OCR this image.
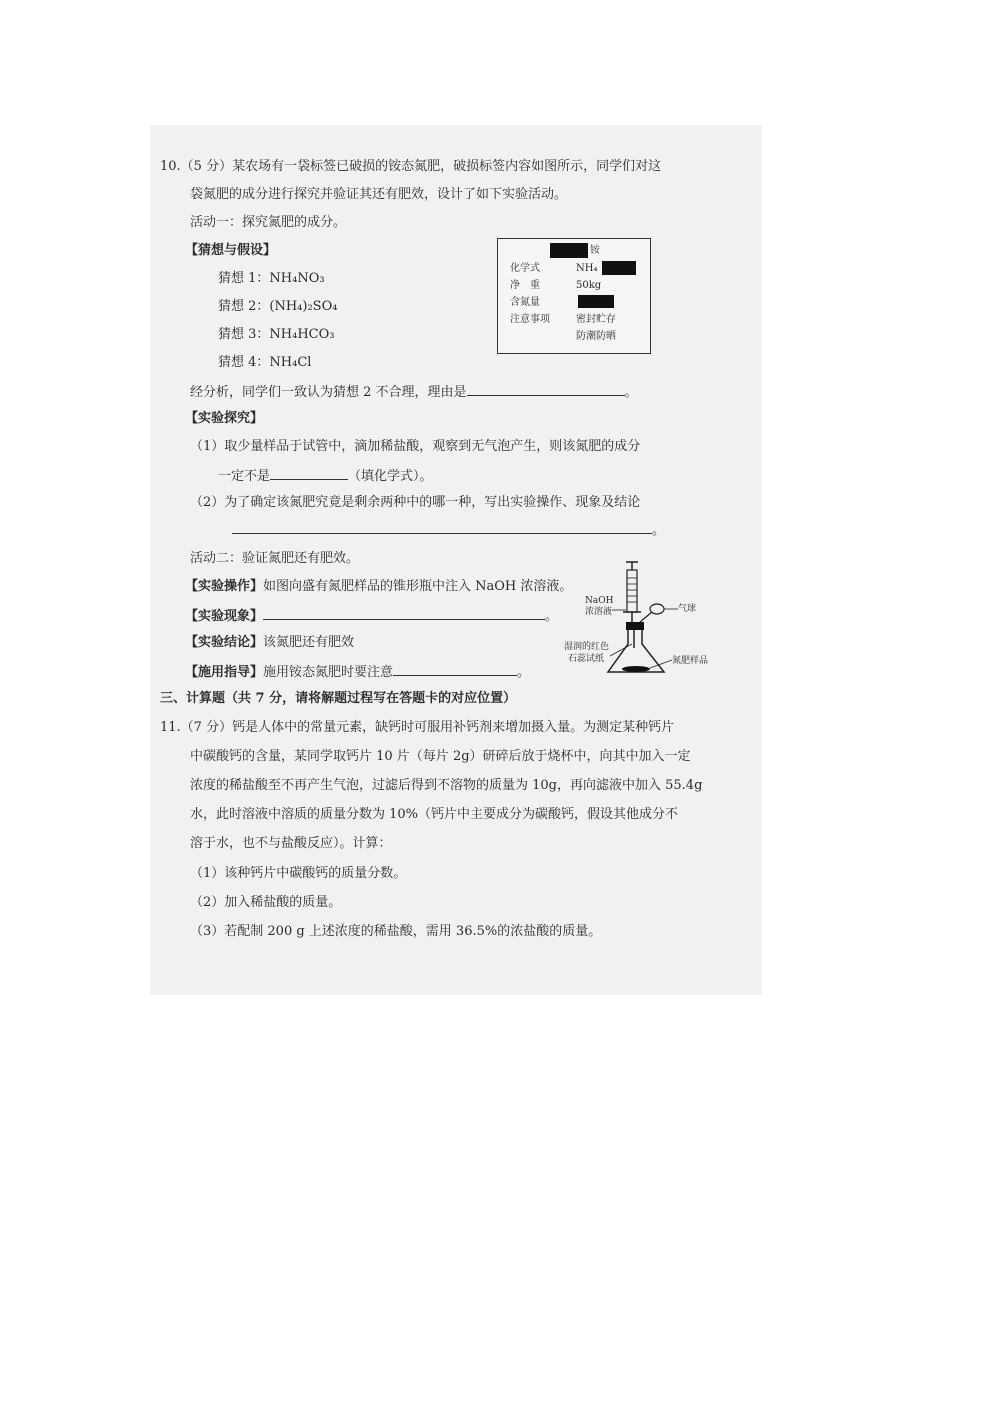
10.（5 分）某农场有一袋标签已破损的铵态氮肥，破损标签内容如图所示，同学们对这
袋氮肥的成分进行探究并验证其还有肥效，设计了如下实验活动。
活动一：探究氮肥的成分。
【猜想与假设】
猜想 1：NH₄NO₃
猜想 2：(NH₄)₂SO₄
猜想 3：NH₄HCO₃
猜想 4：NH₄Cl
经分析，同学们一致认为猜想 2 不合理，理由是	。
【实验探究】
（1）取少量样品于试管中，滴加稀盐酸，观察到无气泡产生，则该氮肥的成分
一定不是	（填化学式）。
（2）为了确定该氮肥究竟是剩余两种中的哪一种，写出实验操作、现象及结论
。
活动二：验证氮肥还有肥效。
【实验操作】如图向盛有氮肥样品的锥形瓶中注入 NaOH 浓溶液。
【实验现象】	。
【实验结论】该氮肥还有肥效
【施用指导】施用铵态氮肥时要注意	。
铵
化学式	NH₄
净　重	50kg
含氮量
注意事项	密封贮存
防潮防晒
NaOH
浓溶液	气球
湿润的红色
石蕊试纸	氮肥样品
三、计算题（共 7 分，请将解题过程写在答题卡的对应位置）
11.（7 分）钙是人体中的常量元素，缺钙时可服用补钙剂来增加摄入量。为测定某种钙片
中碳酸钙的含量，某同学取钙片 10 片（每片 2g）研碎后放于烧杯中，向其中加入一定
浓度的稀盐酸至不再产生气泡，过滤后得到不溶物的质量为 10g，再向滤液中加入 55.4g
水，此时溶液中溶质的质量分数为 10%（钙片中主要成分为碳酸钙，假设其他成分不
溶于水，也不与盐酸反应）。计算：
（1）该种钙片中碳酸钙的质量分数。
（2）加入稀盐酸的质量。
（3）若配制 200 g 上述浓度的稀盐酸，需用 36.5%的浓盐酸的质量。
